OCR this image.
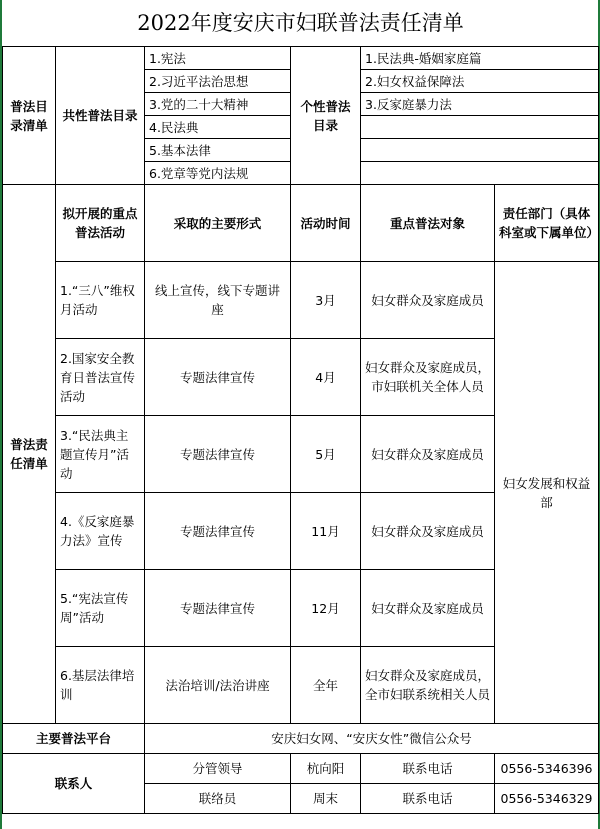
2022年度安庆市妇联普法责任清单					
普法目录清单	共性普法目录	1.宪法	个性普法目录	1.民法典-婚姻家庭篇	
		2.习近平法治思想		2.妇女权益保障法	
		3.党的二十大精神		3.反家庭暴力法	
		4.民法典			
		5.基本法律			
		6.党章等党内法规			
普法责任清单	拟开展的重点普法活动	采取的主要形式	活动时间	重点普法对象	责任部门（具体科室或下属单位）
	1.“三八”维权月活动	线上宣传，线下专题讲座	3月	妇女群众及家庭成员	妇女发展和权益部
	2.国家安全教育日普法宣传活动	专题法律宣传	4月	妇女群众及家庭成员，市妇联机关全体人员	
	3.“民法典主题宣传月”活动	专题法律宣传	5月	妇女群众及家庭成员	
	4.《反家庭暴力法》宣传	专题法律宣传	11月	妇女群众及家庭成员	
	5.“宪法宣传周”活动	专题法律宣传	12月	妇女群众及家庭成员	
	6.基层法律培训	法治培训/法治讲座	全年	妇女群众及家庭成员，全市妇联系统相关人员	
主要普法平台		安庆妇女网、“安庆女性”微信公众号			
联系人		分管领导	杭向阳	联系电话	0556-5346396
		联络员	周末	联系电话	0556-5346329
